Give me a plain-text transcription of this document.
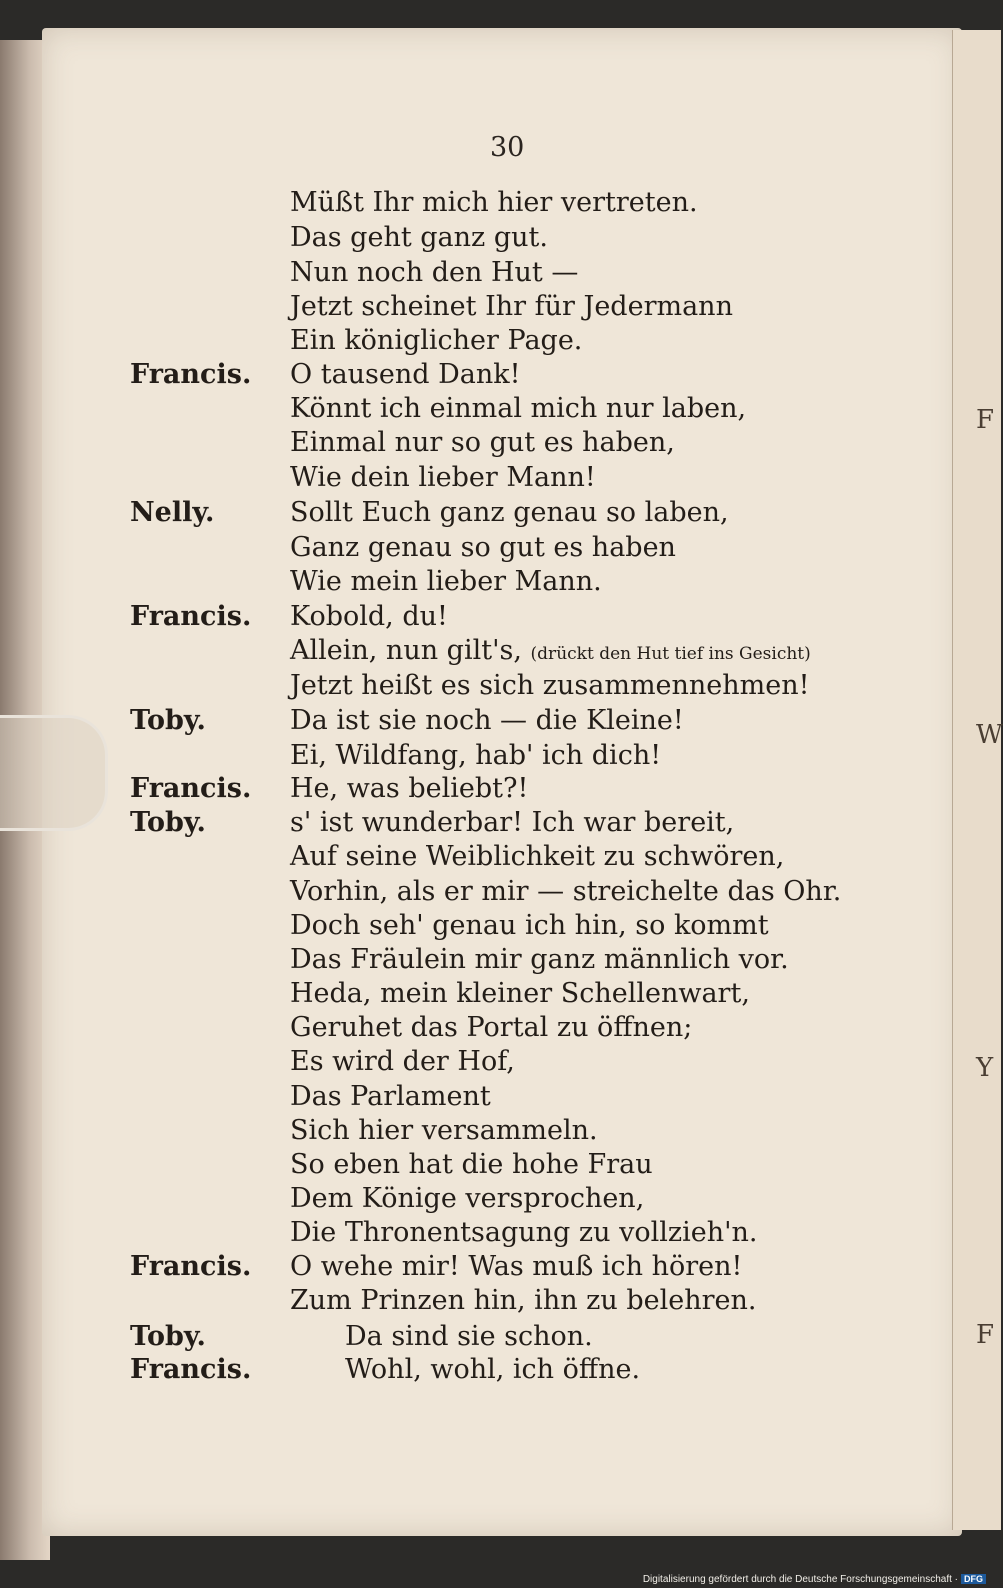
F
W
Y
F
30
Müßt Ihr mich hier vertreten.
Das geht ganz gut.
Nun noch den Hut —
Jetzt scheinet Ihr für Jedermann
Ein königlicher Page.
Francis. O tausend Dank!
Könnt ich einmal mich nur laben,
Einmal nur so gut es haben,
Wie dein lieber Mann!
Nelly.	Sollt Euch ganz genau so laben,
Ganz genau so gut es haben
Wie mein lieber Mann.
Francis. Kobold, du!
Allein, nun gilt's, (drückt den Hut tief ins Gesicht)
Jetzt heißt es sich zusammennehmen!
Toby.	Da ist sie noch — die Kleine!
Ei, Wildfang, hab' ich dich!
Francis. He, was beliebt?!
Toby.	s' ist wunderbar! Ich war bereit,
Auf seine Weiblichkeit zu schwören,
Vorhin, als er mir — streichelte das Ohr.
Doch seh' genau ich hin, so kommt
Das Fräulein mir ganz männlich vor.
Heda, mein kleiner Schellenwart,
Geruhet das Portal zu öffnen;
Es wird der Hof,
Das Parlament
Sich hier versammeln.
So eben hat die hohe Frau
Dem Könige versprochen,
Die Thronentsagung zu vollzieh'n.
Francis. O wehe mir! Was muß ich hören!
Zum Prinzen hin, ihn zu belehren.
Toby.	Da sind sie schon.
Francis.	Wohl, wohl, ich öffne.
Digitalisierung gefördert durch die Deutsche Forschungsgemeinschaft · DFG
